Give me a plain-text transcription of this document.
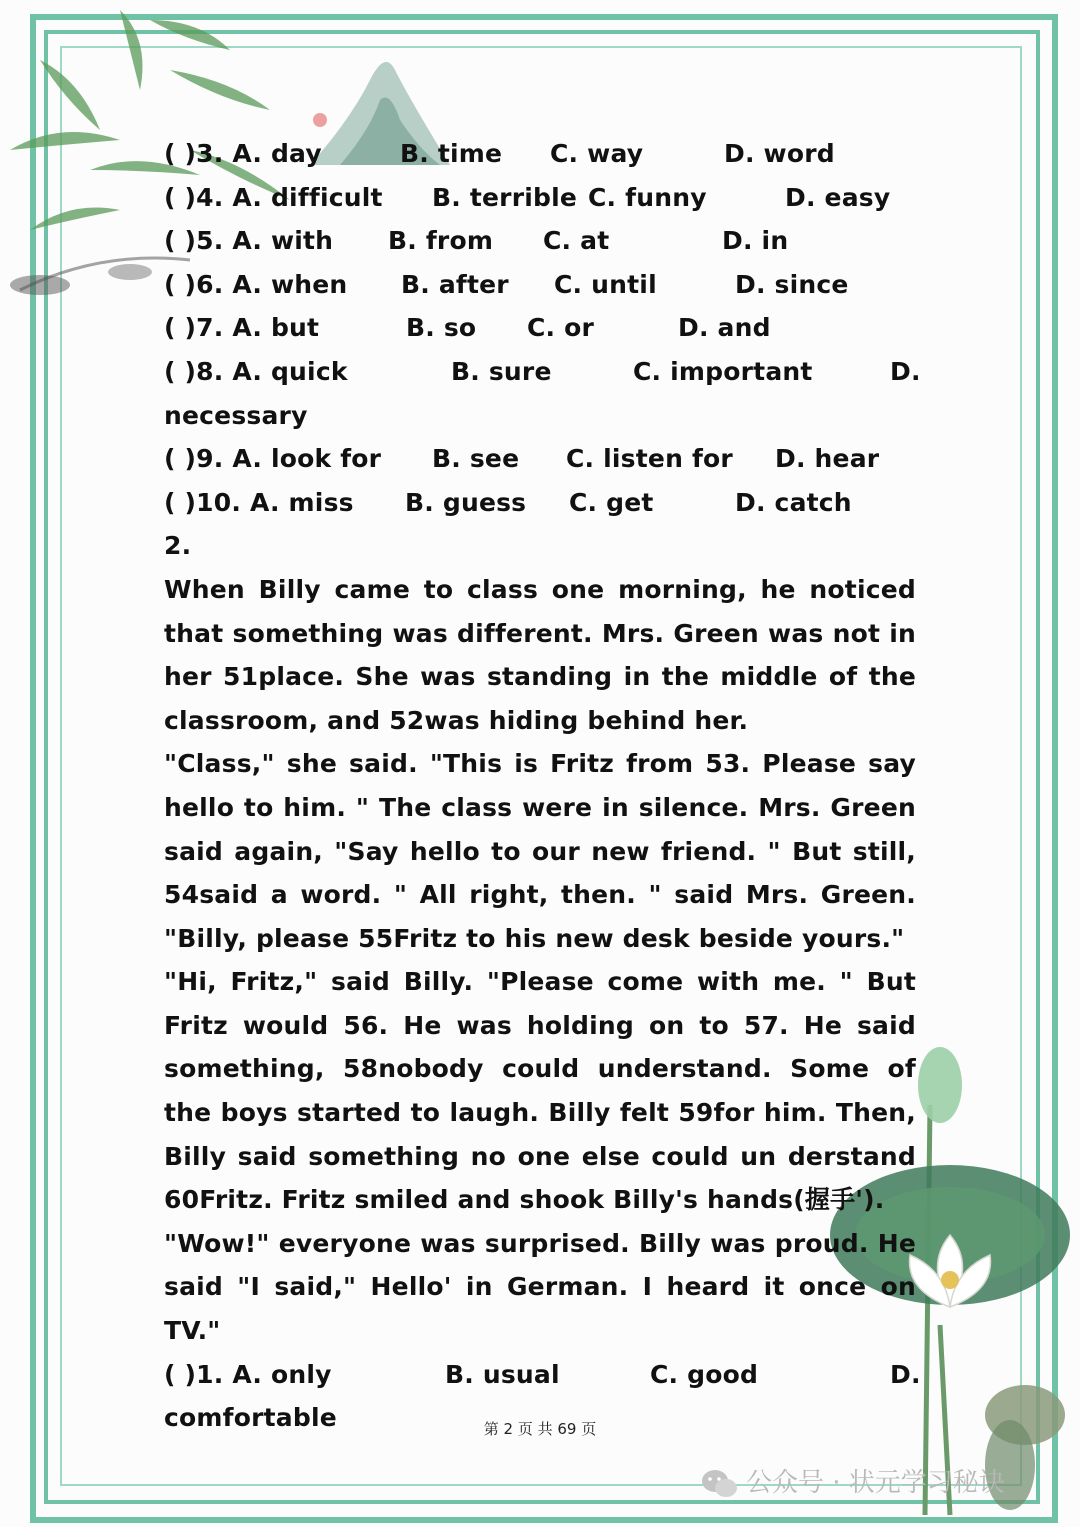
( )3. A. day	B. time C. way	D. word
( )4. A. difficult B. terrible C. funny	D. easy
( )5. A. with B. from C. at	D. in
( )6. A. when B. after C. until	D. since
( )7. A. but	B. so C. or	D. and
( )8. A. quick	B. sure	C. important	D.
necessary
( )9. A. look for B. see C. listen for D. hear
( )10. A. miss B. guess C. get	D. catch
2.
When Billy came to class one morning, he noticed that something was different. Mrs. Green was not in her 51place. She was standing in the middle of the classroom, and 52was hiding behind her.
"Class," she said. "This is Fritz from 53. Please say hello to him. " The class were in silence. Mrs. Green said again, "Say hello to our new friend. " But still, 54said a word. " All right, then. " said Mrs. Green. "Billy, please 55Fritz to his new desk beside yours."
"Hi, Fritz," said Billy. "Please come with me. " But Fritz would 56. He was holding on to 57. He said something, 58nobody could understand. Some of the boys started to laugh. Billy felt 59for him. Then, Billy said something no one else could un derstand 60Fritz. Fritz smiled and shook Billy's hands(握手').
"Wow!" everyone was surprised. Billy was proud. He said "I said," Hello' in German. I heard it once on TV."
( )1. A. only	B. usual	C. good	D.
comfortable	第 2 页 共 69 页
公众号 · 状元学习秘诀
